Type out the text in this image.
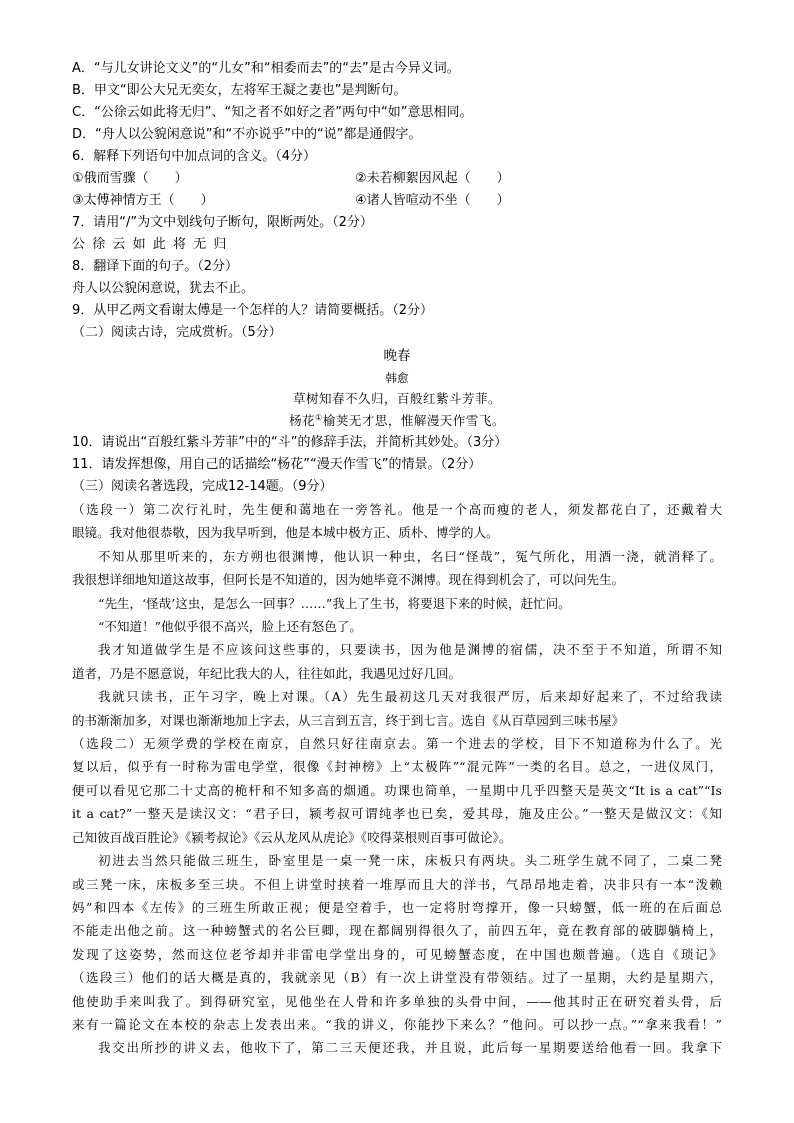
A．“与儿女讲论文义”的“儿女”和“相委而去”的“去”是古今异义词。
B．甲文“即公大兄无奕女，左将军王凝之妻也”是判断句。
C．“公徐云如此将无归”、“知之者不如好之者”两句中“如”意思相同。
D．“舟人以公貌闲意说”和“不亦说乎”中的“说”都是通假字。
6．解释下列语句中加点词的含义。（4分）
①俄而雪骤（　　）	②未若柳絮因风起（　　）
③太傅神情方王（　　）	④诸人皆喧动不坐（　　）
7．请用“/”为文中划线句子断句，限断两处。（2分）
公徐云如此将无归
8．翻译下面的句子。（2分）
舟人以公貌闲意说，犹去不止。
9．从甲乙两文看谢太傅是一个怎样的人？请简要概括。（2分）
（二）阅读古诗，完成赏析。（5分）
晚春
韩愈
草树知春不久归，百般红紫斗芳菲。
杨花①榆荚无才思，惟解漫天作雪飞。
10．请说出“百般红紫斗芳菲”中的“斗”的修辞手法，并简析其妙处。（3分）
11．请发挥想像，用自己的话描绘“杨花”“漫天作雪飞”的情景。（2分）
（三）阅读名著选段，完成12-14题。（9分）
（选段一）第二次行礼时，先生便和蔼地在一旁答礼。他是一个高而瘦的老人，须发都花白了，还戴着大
眼镜。我对他很恭敬，因为我早听到，他是本城中极方正、质朴、博学的人。
不知从那里听来的，东方朔也很渊博，他认识一种虫，名曰“怪哉”，冤气所化，用酒一浇，就消释了。
我很想详细地知道这故事，但阿长是不知道的，因为她毕竟不渊博。现在得到机会了，可以问先生。
“先生，‘怪哉’这虫，是怎么一回事？……”我上了生书，将要退下来的时候，赶忙问。
“不知道！”他似乎很不高兴，脸上还有怒色了。
我才知道做学生是不应该问这些事的，只要读书，因为他是渊博的宿儒，决不至于不知道，所谓不知
道者，乃是不愿意说，年纪比我大的人，往往如此，我遇见过好几回。
我就只读书，正午习字，晚上对课。（A）先生最初这几天对我很严厉，后来却好起来了，不过给我读
的书渐渐加多，对课也渐渐地加上字去，从三言到五言，终于到七言。选自《从百草园到三味书屋》
（选段二）无须学费的学校在南京，自然只好往南京去。第一个进去的学校，目下不知道称为什么了。光
复以后，似乎有一时称为雷电学堂，很像《封神榜》上“太极阵”“混元阵”一类的名目。总之，一进仪凤门，
便可以看见它那二十丈高的桅杆和不知多高的烟通。功课也简单，一星期中几乎四整天是英文“It is a cat”“Is
it a cat?”一整天是读汉文：“君子曰，颍考叔可谓纯孝也已矣，爱其母，施及庄公。”一整天是做汉文：《知
己知彼百战百胜论》《颍考叔论》《云从龙风从虎论》《咬得菜根则百事可做论》。
初进去当然只能做三班生，卧室里是一桌一凳一床，床板只有两块。头二班学生就不同了，二桌二凳
或三凳一床，床板多至三块。不但上讲堂时挟着一堆厚而且大的洋书，气昂昂地走着，决非只有一本“泼赖
妈”和四本《左传》的三班生所敢正视；便是空着手，也一定将肘弯撑开，像一只螃蟹，低一班的在后面总
不能走出他之前。这一种螃蟹式的名公巨卿，现在都阔别得很久了，前四五年，竟在教育部的破脚躺椅上，
发现了这姿势，然而这位老爷却并非雷电学堂出身的，可见螃蟹态度，在中国也颇普遍。（选自《琐记》
（选段三）他们的话大概是真的，我就亲见（B）有一次上讲堂没有带领结。过了一星期，大约是星期六，
他使助手来叫我了。到得研究室，见他坐在人骨和许多单独的头骨中间，——他其时正在研究着头骨，后
来有一篇论文在本校的杂志上发表出来。“我的讲义，你能抄下来么？”他问。可以抄一点。”“拿来我看！”
我交出所抄的讲义去，他收下了，第二三天便还我，并且说，此后每一星期要送给他看一回。我拿下
